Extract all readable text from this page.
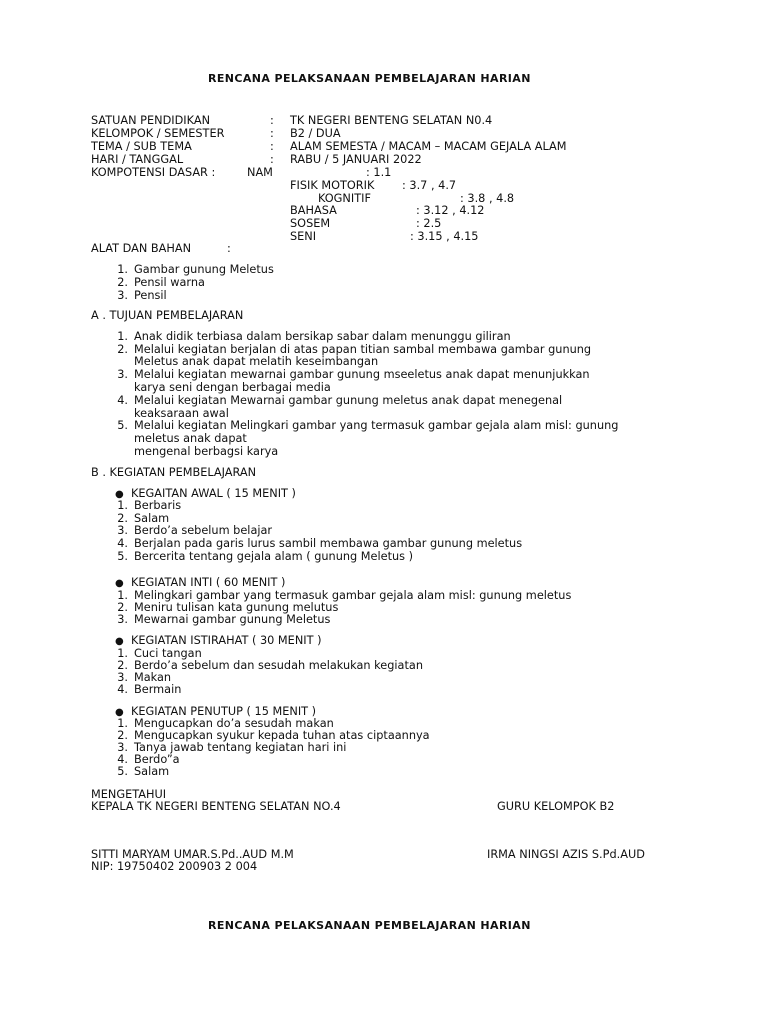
RENCANA PELAKSANAAN PEMBELAJARAN HARIAN
SATUAN PENDIDIKAN	: TK NEGERI BENTENG SELATAN N0.4
KELOMPOK / SEMESTER	: B2 / DUA
TEMA / SUB TEMA	: ALAM SEMESTA / MACAM – MACAM GEJALA ALAM
HARI / TANGGAL	: RABU / 5 JANUARI 2022
KOMPOTENSI DASAR :	NAM	: 1.1
FISIK MOTORIK : 3.7 , 4.7
KOGNITIF	: 3.8 , 4.8
BAHASA	: 3.12 , 4.12
SOSEM	: 2.5
SENI	: 3.15 , 4.15
ALAT DAN BAHAN	:
1. Gambar gunung Meletus
2. Pensil warna
3. Pensil
A . TUJUAN PEMBELAJARAN
1. Anak didik terbiasa dalam bersikap sabar dalam menunggu giliran
2. Melalui kegiatan berjalan di atas papan titian sambal membawa gambar gunung
Meletus anak dapat melatih keseimbangan
3. Melalui kegiatan mewarnai gambar gunung mseeletus anak dapat menunjukkan
karya seni dengan berbagai media
4. Melalui kegiatan Mewarnai gambar gunung meletus anak dapat menegenal
keaksaraan awal
5. Melalui kegiatan Melingkari gambar yang termasuk gambar gejala alam misl: gunung
meletus anak dapat
mengenal berbagsi karya
B . KEGIATAN PEMBELAJARAN
● KEGAITAN AWAL ( 15 MENIT )
1. Berbaris
2. Salam
3. Berdo’a sebelum belajar
4. Berjalan pada garis lurus sambil membawa gambar gunung meletus
5. Bercerita tentang gejala alam ( gunung Meletus )
● KEGIATAN INTI ( 60 MENIT )
1. Melingkari gambar yang termasuk gambar gejala alam misl: gunung meletus
2. Meniru tulisan kata gunung melutus
3. Mewarnai gambar gunung Meletus
● KEGIATAN ISTIRAHAT ( 30 MENIT )
1. Cuci tangan
2. Berdo’a sebelum dan sesudah melakukan kegiatan
3. Makan
4. Bermain
● KEGIATAN PENUTUP ( 15 MENIT )
1. Mengucapkan do’a sesudah makan
2. Mengucapkan syukur kepada tuhan atas ciptaannya
3. Tanya jawab tentang kegiatan hari ini
4. Berdo”a
5. Salam
MENGETAHUI
KEPALA TK NEGERI BENTENG SELATAN NO.4	GURU KELOMPOK B2
SITTI MARYAM UMAR.S.Pd..AUD M.M	IRMA NINGSI AZIS S.Pd.AUD
NIP: 19750402 200903 2 004
RENCANA PELAKSANAAN PEMBELAJARAN HARIAN
